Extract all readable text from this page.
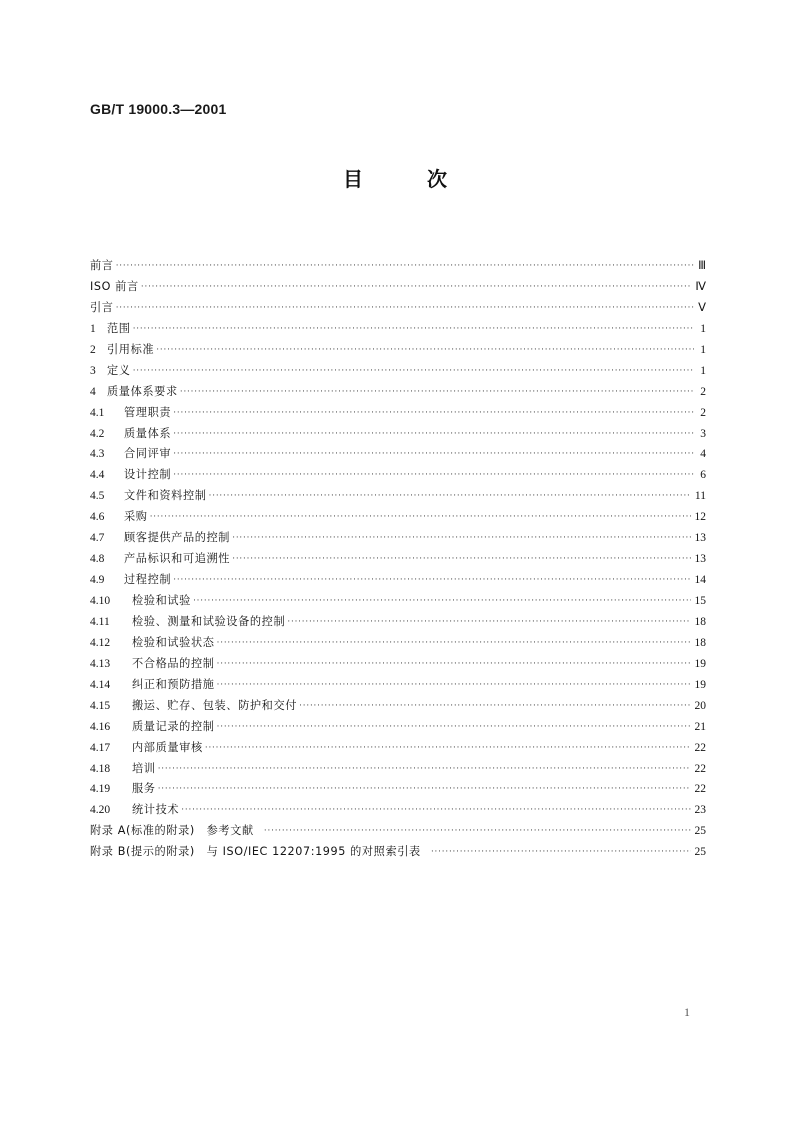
GB/T 19000.3—2001
目	次
前言 ·····	Ⅲ
ISO 前言 ·····	Ⅳ
引言 ·····	Ⅴ
1	范围 ·····	1
2	引用标准 ·····	1
3	定义 ·····	1
4	质量体系要求 ·····	2
4.1	管理职责 ·····	2
4.2	质量体系 ·····	3
4.3	合同评审 ·····	4
4.4	设计控制 ·····	6
4.5	文件和资料控制 ·····	11
4.6	采购 ·····	12
4.7	顾客提供产品的控制 ·····	13
4.8	产品标识和可追溯性 ·····	13
4.9	过程控制 ·····	14
4.10	检验和试验 ·····	15
4.11	检验、测量和试验设备的控制 ·····	18
4.12	检验和试验状态 ·····	18
4.13	不合格品的控制 ·····	19
4.14	纠正和预防措施 ·····	19
4.15	搬运、贮存、包装、防护和交付 ·····	20
4.16	质量记录的控制 ·····	21
4.17	内部质量审核 ·····	22
4.18	培训 ·····	22
4.19	服务 ·····	22
4.20	统计技术 ·····	23
附录 A(标准的附录)　参考文献 ·····	25
附录 B(提示的附录)　与 ISO/IEC 12207:1995 的对照索引表 ·····	25
1
